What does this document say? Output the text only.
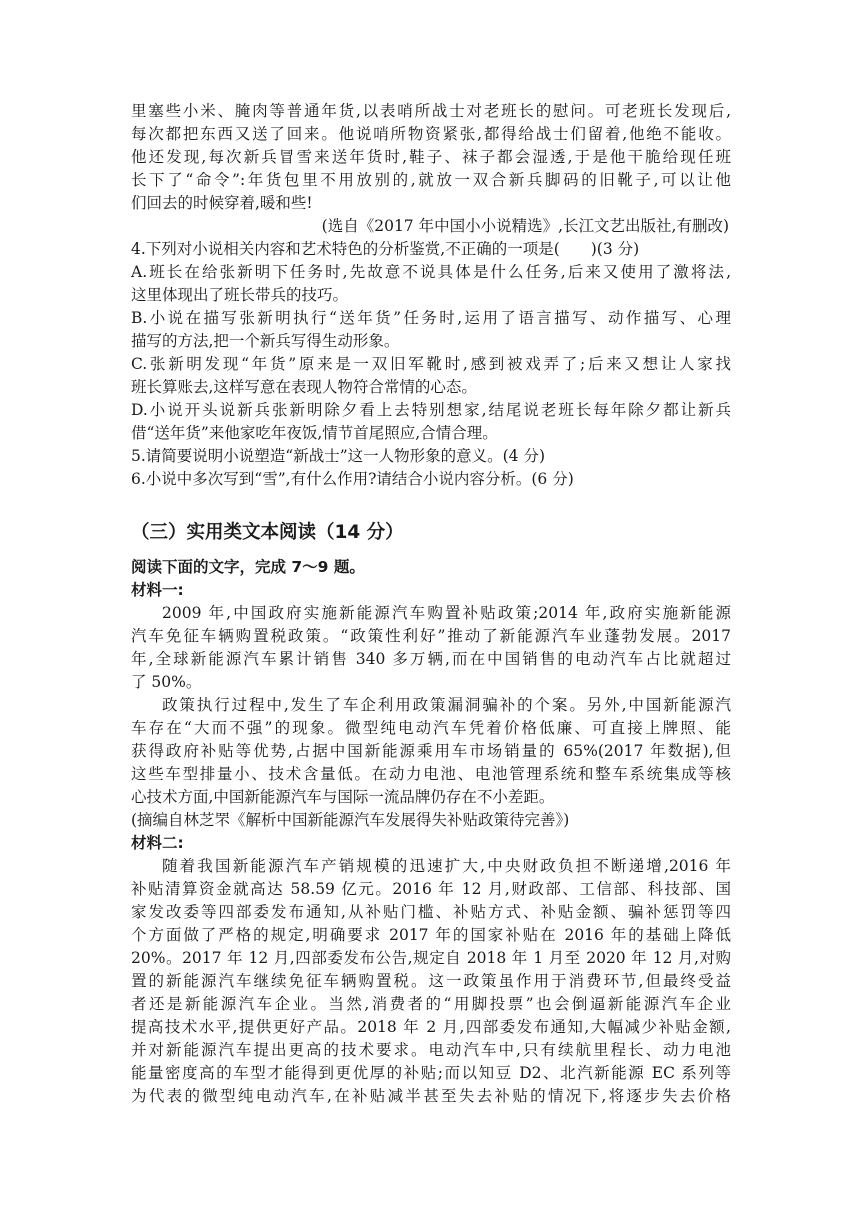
里塞些小米、腌肉等普通年货,以表哨所战士对老班长的慰问。可老班长发现后,
每次都把东西又送了回来。他说哨所物资紧张,都得给战士们留着,他绝不能收。
他还发现,每次新兵冒雪来送年货时,鞋子、袜子都会湿透,于是他干脆给现任班
长下了“命令”:年货包里不用放别的,就放一双合新兵脚码的旧靴子,可以让他
们回去的时候穿着,暖和些!
(选自《2017 年中国小小说精选》,长江文艺出版社,有删改)
4.下列对小说相关内容和艺术特色的分析鉴赏,不正确的一项是(　　)(3 分)
A.班长在给张新明下任务时,先故意不说具体是什么任务,后来又使用了激将法,
这里体现出了班长带兵的技巧。
B.小说在描写张新明执行“送年货”任务时,运用了语言描写、动作描写、心理
描写的方法,把一个新兵写得生动形象。
C.张新明发现“年货”原来是一双旧军靴时,感到被戏弄了;后来又想让人家找
班长算账去,这样写意在表现人物符合常情的心态。
D.小说开头说新兵张新明除夕看上去特别想家,结尾说老班长每年除夕都让新兵
借“送年货”来他家吃年夜饭,情节首尾照应,合情合理。
5.请简要说明小说塑造“新战士”这一人物形象的意义。(4 分)
6.小说中多次写到“雪”,有什么作用?请结合小说内容分析。(6 分)
（三）实用类文本阅读（14 分）
阅读下面的文字，完成 7～9 题。
材料一:
2009 年,中国政府实施新能源汽车购置补贴政策;2014 年,政府实施新能源
汽车免征车辆购置税政策。“政策性利好”推动了新能源汽车业蓬勃发展。2017
年,全球新能源汽车累计销售 340 多万辆,而在中国销售的电动汽车占比就超过
了 50%。
政策执行过程中,发生了车企利用政策漏洞骗补的个案。另外,中国新能源汽
车存在“大而不强”的现象。微型纯电动汽车凭着价格低廉、可直接上牌照、能
获得政府补贴等优势,占据中国新能源乘用车市场销量的 65%(2017 年数据),但
这些车型排量小、技术含量低。在动力电池、电池管理系统和整车系统集成等核
心技术方面,中国新能源汽车与国际一流品牌仍存在不小差距。
(摘编自林芝罘《解析中国新能源汽车发展得失补贴政策待完善》)
材料二:
随着我国新能源汽车产销规模的迅速扩大,中央财政负担不断递增,2016 年
补贴清算资金就高达 58.59 亿元。2016 年 12 月,财政部、工信部、科技部、国
家发改委等四部委发布通知,从补贴门槛、补贴方式、补贴金额、骗补惩罚等四
个方面做了严格的规定,明确要求 2017 年的国家补贴在 2016 年的基础上降低
20%。2017 年 12 月,四部委发布公告,规定自 2018 年 1 月至 2020 年 12 月,对购
置的新能源汽车继续免征车辆购置税。这一政策虽作用于消费环节,但最终受益
者还是新能源汽车企业。当然,消费者的“用脚投票”也会倒逼新能源汽车企业
提高技术水平,提供更好产品。2018 年 2 月,四部委发布通知,大幅减少补贴金额,
并对新能源汽车提出更高的技术要求。电动汽车中,只有续航里程长、动力电池
能量密度高的车型才能得到更优厚的补贴;而以知豆 D2、北汽新能源 EC 系列等
为代表的微型纯电动汽车,在补贴减半甚至失去补贴的情况下,将逐步失去价格
